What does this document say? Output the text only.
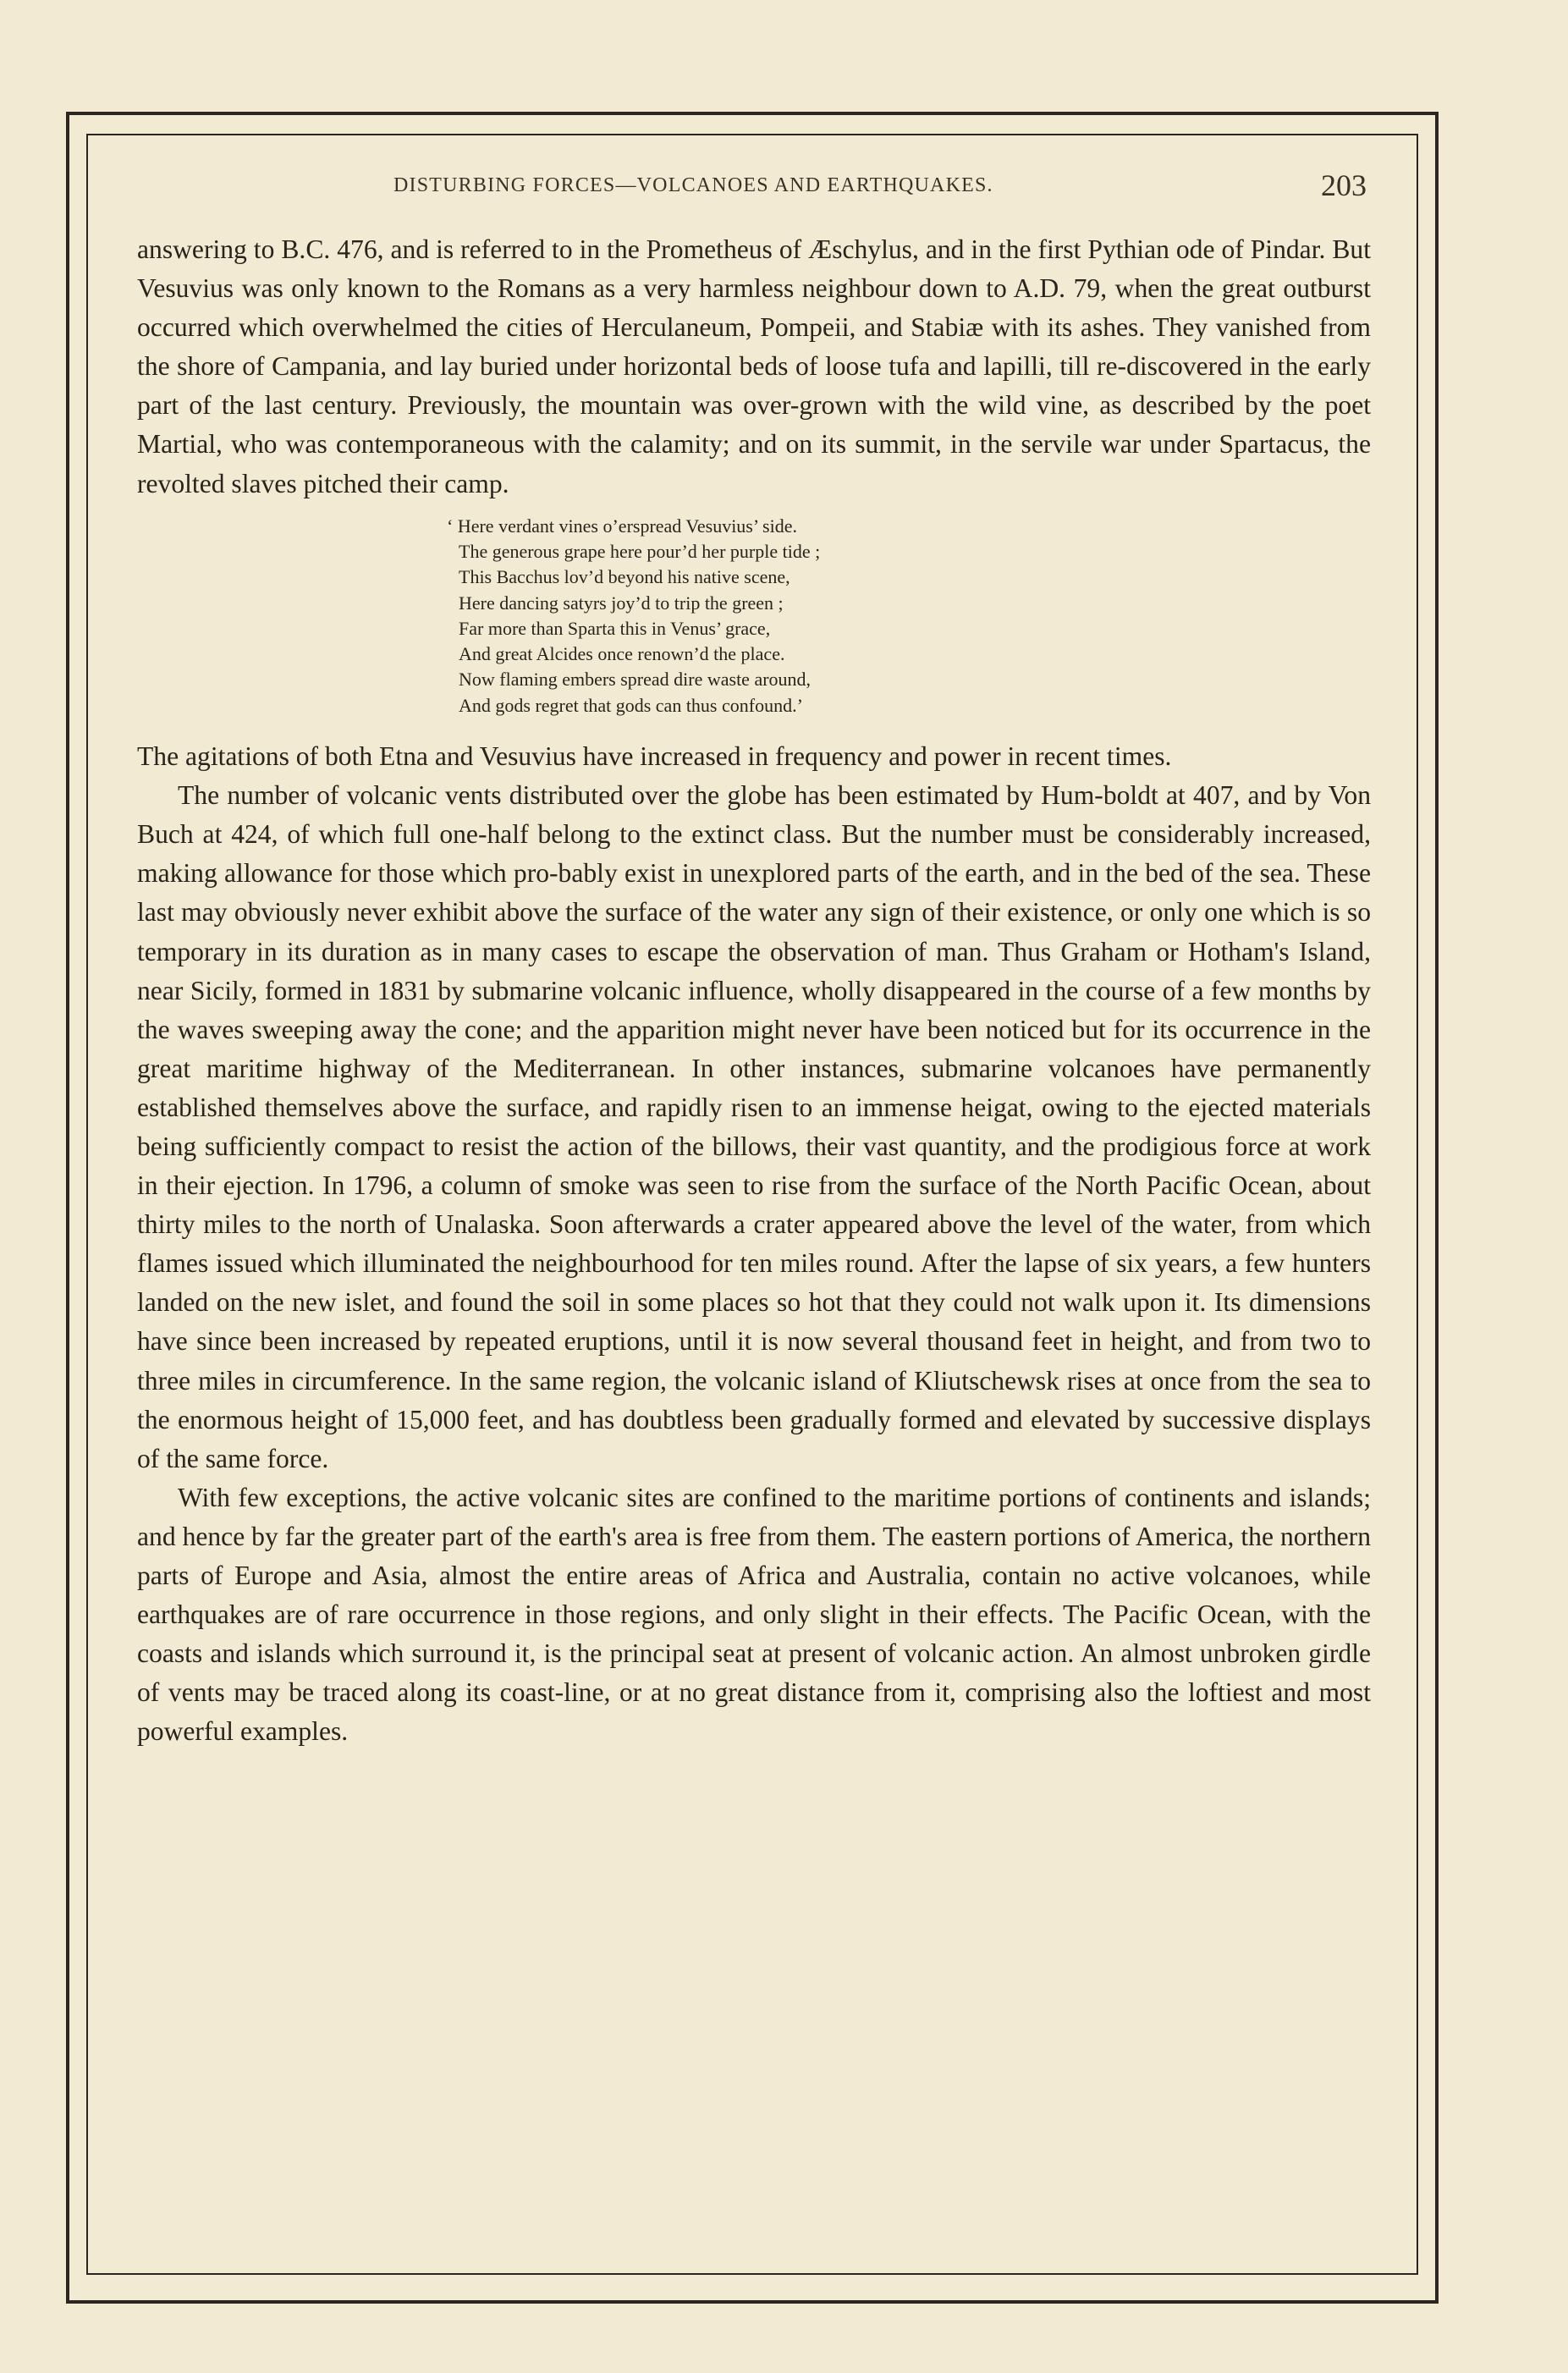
DISTURBING FORCES—VOLCANOES AND EARTHQUAKES.	203

answering to B.C. 476, and is referred to in the Prometheus of Æschylus, and in the first Pythian ode of Pindar. But Vesuvius was only known to the Romans as a very harmless neighbour down to A.D. 79, when the great outburst occurred which overwhelmed the cities of Herculaneum, Pompeii, and Stabiæ with its ashes. They vanished from the shore of Campania, and lay buried under horizontal beds of loose tufa and lapilli, till re-discovered in the early part of the last century. Previously, the mountain was over-grown with the wild vine, as described by the poet Martial, who was contemporaneous with the calamity; and on its summit, in the servile war under Spartacus, the revolted slaves pitched their camp.

‘ Here verdant vines o’erspread Vesuvius’ side.
The generous grape here pour’d her purple tide ;
This Bacchus lov’d beyond his native scene,
Here dancing satyrs joy’d to trip the green ;
Far more than Sparta this in Venus’ grace,
And great Alcides once renown’d the place.
Now flaming embers spread dire waste around,
And gods regret that gods can thus confound.’

The agitations of both Etna and Vesuvius have increased in frequency and power in recent times.

The number of volcanic vents distributed over the globe has been estimated by Hum-boldt at 407, and by Von Buch at 424, of which full one-half belong to the extinct class. But the number must be considerably increased, making allowance for those which pro-bably exist in unexplored parts of the earth, and in the bed of the sea. These last may obviously never exhibit above the surface of the water any sign of their existence, or only one which is so temporary in its duration as in many cases to escape the observation of man. Thus Graham or Hotham's Island, near Sicily, formed in 1831 by submarine volcanic influence, wholly disappeared in the course of a few months by the waves sweeping away the cone; and the apparition might never have been noticed but for its occurrence in the great maritime highway of the Mediterranean. In other instances, submarine volcanoes have permanently established themselves above the surface, and rapidly risen to an immense heigat, owing to the ejected materials being sufficiently compact to resist the action of the billows, their vast quantity, and the prodigious force at work in their ejection. In 1796, a column of smoke was seen to rise from the surface of the North Pacific Ocean, about thirty miles to the north of Unalaska. Soon afterwards a crater appeared above the level of the water, from which flames issued which illuminated the neighbourhood for ten miles round. After the lapse of six years, a few hunters landed on the new islet, and found the soil in some places so hot that they could not walk upon it. Its dimensions have since been increased by repeated eruptions, until it is now several thousand feet in height, and from two to three miles in circumference. In the same region, the volcanic island of Kliutschewsk rises at once from the sea to the enormous height of 15,000 feet, and has doubtless been gradually formed and elevated by successive displays of the same force.

With few exceptions, the active volcanic sites are confined to the maritime portions of continents and islands; and hence by far the greater part of the earth's area is free from them. The eastern portions of America, the northern parts of Europe and Asia, almost the entire areas of Africa and Australia, contain no active volcanoes, while earthquakes are of rare occurrence in those regions, and only slight in their effects. The Pacific Ocean, with the coasts and islands which surround it, is the principal seat at present of volcanic action. An almost unbroken girdle of vents may be traced along its coast-line, or at no great distance from it, comprising also the loftiest and most powerful examples.
